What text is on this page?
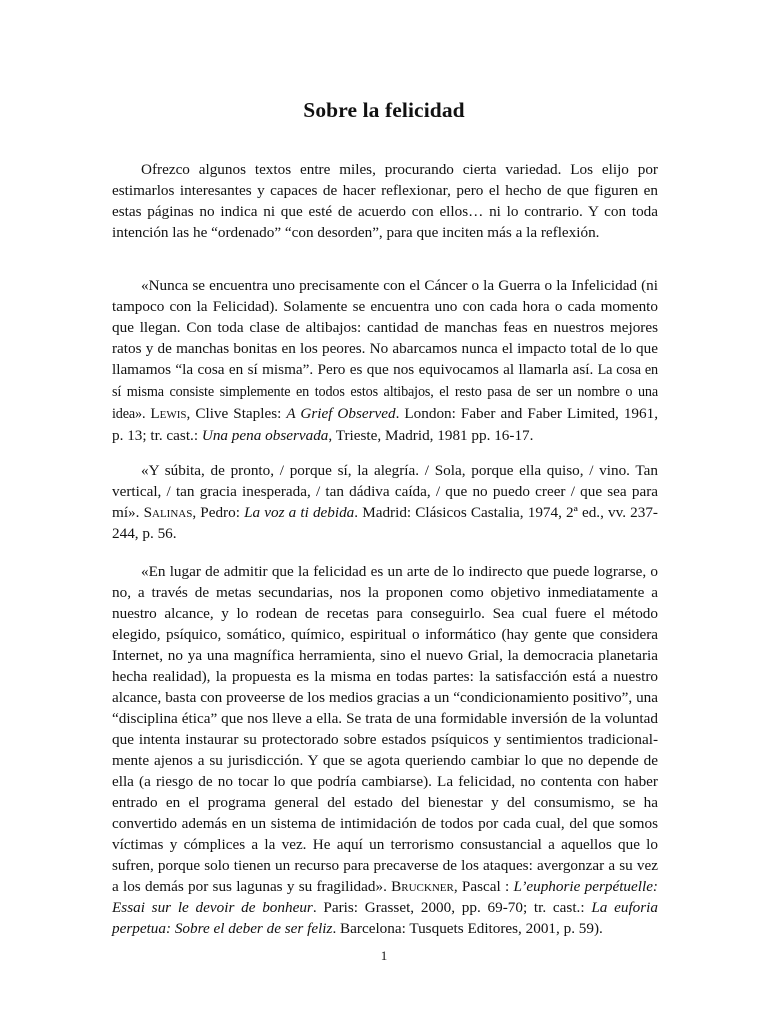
Sobre la felicidad

Ofrezco algunos textos entre miles, procurando cierta variedad. Los elijo por estimarlos interesantes y capaces de hacer reflexionar, pero el hecho de que figuren en estas páginas no indica ni que esté de acuerdo con ellos… ni lo contrario. Y con toda intención las he “ordenado” “con desorden”, para que inciten más a la reflexión.

«Nunca se encuentra uno precisamente con el Cáncer o la Guerra o la Infelicidad (ni tampoco con la Felicidad). Solamente se encuentra uno con cada hora o cada momento que llegan. Con toda clase de altibajos: cantidad de manchas feas en nuestros mejores ratos y de manchas bonitas en los peores. No abarcamos nunca el impacto total de lo que llamamos “la cosa en sí misma”. Pero es que nos equivocamos al llamarla así. La cosa en sí misma consiste simplemente en todos estos altibajos, el resto pasa de ser un nombre o una idea». Lewis, Clive Staples: A Grief Observed. London: Faber and Faber Limited, 1961, p. 13; tr. cast.: Una pena observada, Trieste, Madrid, 1981 pp. 16-17.

«Y súbita, de pronto, / porque sí, la alegría. / Sola, porque ella quiso, / vino. Tan vertical, / tan gracia inesperada, / tan dádiva caída, / que no puedo creer / que sea para mí». Salinas, Pedro: La voz a ti debida. Madrid: Clásicos Castalia, 1974, 2ª ed., vv. 237-244, p. 56.

«En lugar de admitir que la felicidad es un arte de lo indirecto que puede lograrse, o no, a través de metas secundarias, nos la proponen como objetivo inmediatamente a nuestro alcance, y lo rodean de recetas para conseguirlo. Sea cual fuere el método elegido, psíquico, somático, químico, espiritual o informático (hay gente que considera Internet, no ya una magnífica herramienta, sino el nuevo Grial, la democracia planetaria hecha realidad), la propuesta es la misma en todas partes: la satisfacción está a nuestro alcance, basta con proveerse de los medios gracias a un “condicionamiento positivo”, una “disciplina ética” que nos lleve a ella. Se trata de una formidable inversión de la voluntad que intenta instaurar su protectorado sobre estados psíquicos y sentimientos tradicionalmente ajenos a su jurisdicción. Y que se agota queriendo cambiar lo que no depende de ella (a riesgo de no tocar lo que podría cambiarse). La felicidad, no contenta con haber entrado en el programa general del estado del bienestar y del consumismo, se ha convertido además en un sistema de intimidación de todos por cada cual, del que somos víctimas y cómplices a la vez. He aquí un terrorismo consustancial a aquellos que lo sufren, porque solo tienen un recurso para precaverse de los ataques: avergonzar a su vez a los demás por sus lagunas y su fragilidad». Bruckner, Pascal : L’euphorie perpétuelle: Essai sur le devoir de bonheur. Paris: Grasset, 2000, pp. 69-70; tr. cast.: La euforia perpetua: Sobre el deber de ser feliz. Barcelona: Tusquets Editores, 2001, p. 59).

1
